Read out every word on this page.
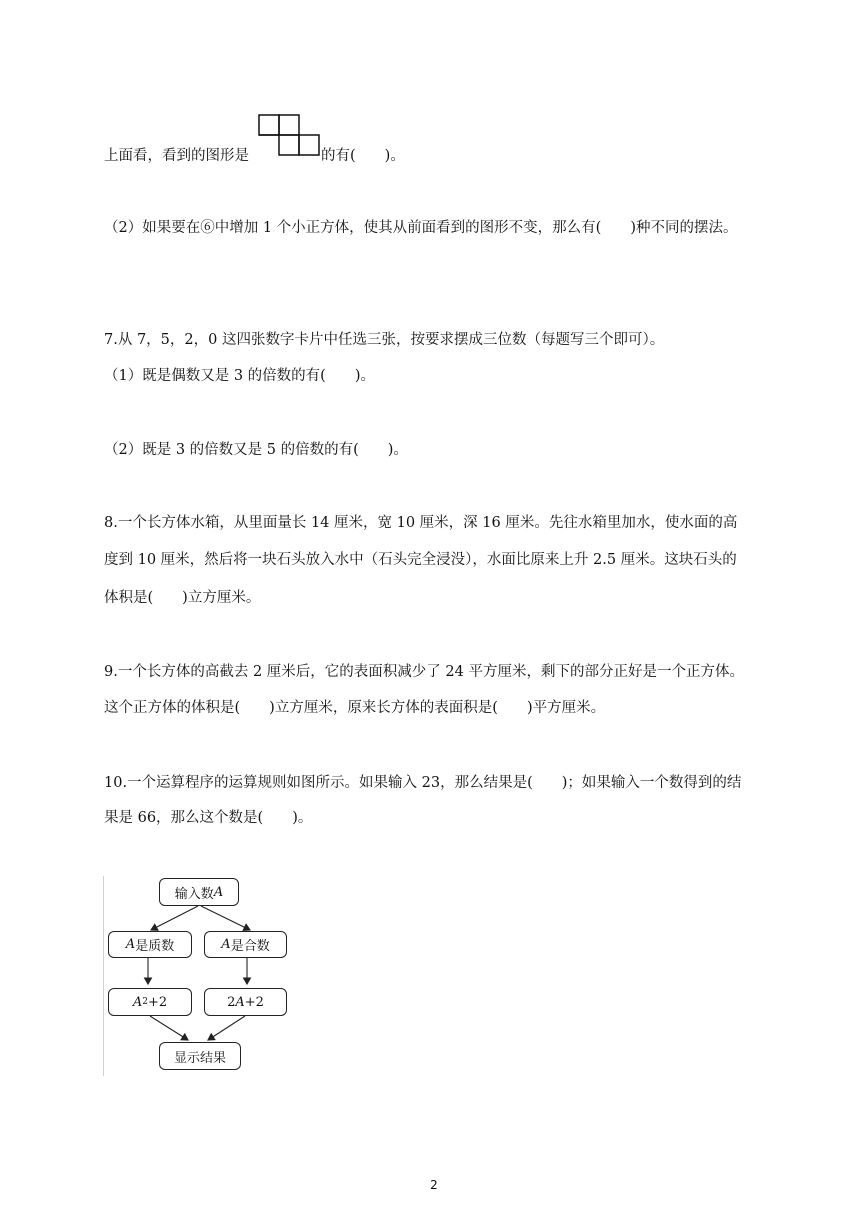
上面看，看到的图形是	的有(　　)。
（2）如果要在⑥中增加 1 个小正方体，使其从前面看到的图形不变，那么有(　　)种不同的摆法。
7.从 7，5，2，0 这四张数字卡片中任选三张，按要求摆成三位数（每题写三个即可）。
（1）既是偶数又是 3 的倍数的有(　　)。
（2）既是 3 的倍数又是 5 的倍数的有(　　)。
8.一个长方体水箱，从里面量长 14 厘米，宽 10 厘米，深 16 厘米。先往水箱里加水，使水面的高
度到 10 厘米，然后将一块石头放入水中（石头完全浸没），水面比原来上升 2.5 厘米。这块石头的
体积是(　　)立方厘米。
9.一个长方体的高截去 2 厘米后，它的表面积减少了 24 平方厘米，剩下的部分正好是一个正方体。
这个正方体的体积是(　　)立方厘米，原来长方体的表面积是(　　)平方厘米。
10.一个运算程序的运算规则如图所示。如果输入 23，那么结果是(　　)；如果输入一个数得到的结
果是 66，那么这个数是(　　)。
输入数 A
A 是质数	A 是合数
A 2 +2	2 A +2
显示结果
2
